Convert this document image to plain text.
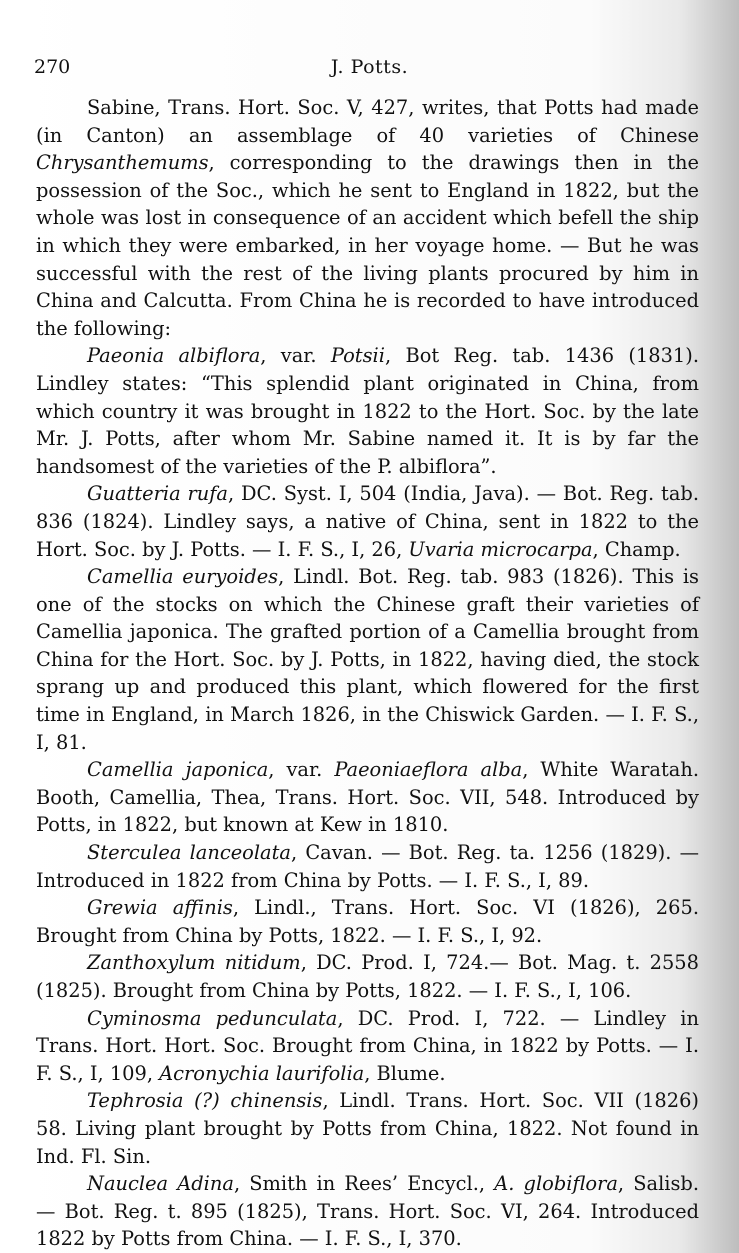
270	J. Potts.

Sabine, Trans. Hort. Soc. V, 427, writes, that Potts had made (in Canton) an assemblage of 40 varieties of Chinese Chrysanthemums, corresponding to the drawings then in the possession of the Soc., which he sent to England in 1822, but the whole was lost in consequence of an accident which befell the ship in which they were embarked, in her voyage home. — But he was successful with the rest of the living plants procured by him in China and Calcutta. From China he is recorded to have introduced the following:

Paeonia albiflora, var. Potsii, Bot Reg. tab. 1436 (1831). Lindley states: “This splendid plant originated in China, from which country it was brought in 1822 to the Hort. Soc. by the late Mr. J. Potts, after whom Mr. Sabine named it. It is by far the handsomest of the varieties of the P. albiflora”.

Guatteria rufa, DC. Syst. I, 504 (India, Java). — Bot. Reg. tab. 836 (1824). Lindley says, a native of China, sent in 1822 to the Hort. Soc. by J. Potts. — I. F. S., I, 26, Uvaria microcarpa, Champ.

Camellia euryoides, Lindl. Bot. Reg. tab. 983 (1826). This is one of the stocks on which the Chinese graft their varieties of Camellia japonica. The grafted portion of a Camellia brought from China for the Hort. Soc. by J. Potts, in 1822, having died, the stock sprang up and produced this plant, which flowered for the first time in England, in March 1826, in the Chiswick Garden. — I. F. S., I, 81.

Camellia japonica, var. Paeoniaeflora alba, White Waratah. Booth, Camellia, Thea, Trans. Hort. Soc. VII, 548. Introduced by Potts, in 1822, but known at Kew in 1810.

Sterculea lanceolata, Cavan. — Bot. Reg. ta. 1256 (1829). — Introduced in 1822 from China by Potts. — I. F. S., I, 89.

Grewia affinis, Lindl., Trans. Hort. Soc. VI (1826), 265. Brought from China by Potts, 1822. — I. F. S., I, 92.

Zanthoxylum nitidum, DC. Prod. I, 724.— Bot. Mag. t. 2558 (1825). Brought from China by Potts, 1822. — I. F. S., I, 106.

Cyminosma pedunculata, DC. Prod. I, 722. — Lindley in Trans. Hort. Hort. Soc. Brought from China, in 1822 by Potts. — I. F. S., I, 109, Acronychia laurifolia, Blume.

Tephrosia (?) chinensis, Lindl. Trans. Hort. Soc. VII (1826) 58. Living plant brought by Potts from China, 1822. Not found in Ind. Fl. Sin.

Nauclea Adina, Smith in Rees’ Encycl., A. globiflora, Salisb. — Bot. Reg. t. 895 (1825), Trans. Hort. Soc. VI, 264. Introduced 1822 by Potts from China. — I. F. S., I, 370.
